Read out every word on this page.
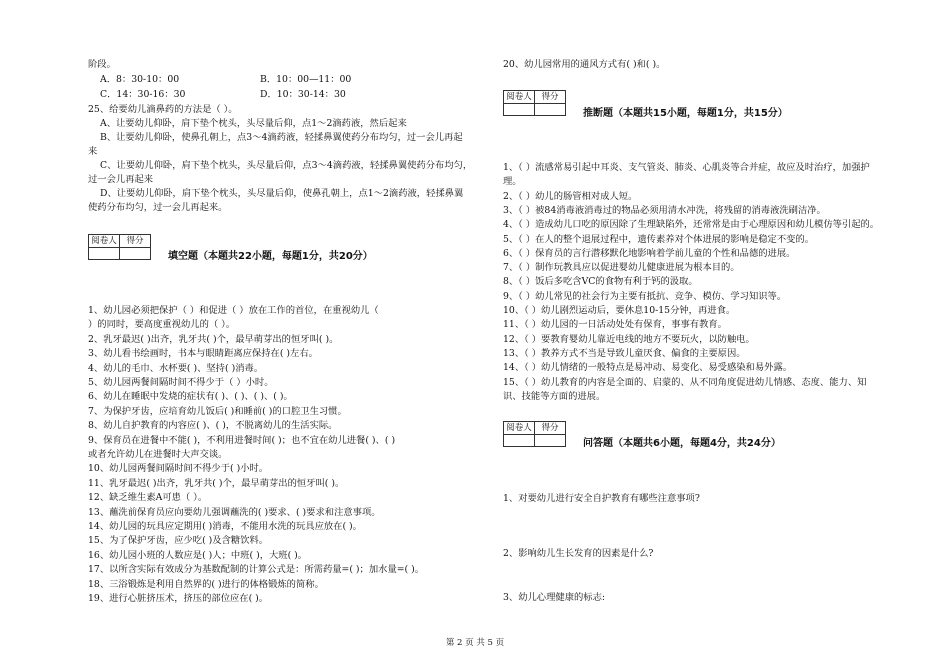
阶段。
A．8：30-10：00	B．10：00—11：00
C．14：30-16：30	D．10：30-14：30
25、给要幼儿滴鼻药的方法是（ ）。
A、让要幼儿仰卧，肩下垫个枕头，头尽量后仰，点1～2滴药液，然后起来
B、让要幼儿仰卧，使鼻孔朝上，点3～4滴药液，轻揉鼻翼使药分布均匀，过一会儿再起
来
C、让要幼儿仰卧，肩下垫个枕头，头尽量后仰，点3～4滴药液，轻揉鼻翼使药分布均匀，
过一会儿再起来
D、让要幼儿仰卧，肩下垫个枕头，头尽量后仰，使鼻孔朝上，点1～2滴药液，轻揉鼻翼
使药分布均匀，过一会儿再起来。
阅卷人	得分

填空题（本题共22小题，每题1分，共20分）
1、幼儿园必须把保护（ ）和促进（ ）放在工作的首位，在重视幼儿（
）的同时，要高度重视幼儿的（ ）。
2、乳牙最迟( )出齐，乳牙共( )个，最早萌芽出的恒牙叫( )。
3、幼儿看书绘画时，书本与眼睛距离应保持在( )左右。
4、幼儿的毛巾、水杯要( )、坚持( )消毒。
5、幼儿园两餐间隔时间不得少于（ ）小时。
6、幼儿在睡眠中发烧的症状有( )、( )、( )、( )。
7、为保护牙齿，应培育幼儿饭后( )和睡前( )的口腔卫生习惯。
8、幼儿自护教育的内容应( )、( )，不脱离幼儿的生活实际。
9、保育员在进餐中不能( )，不利用进餐时间( )；也不宜在幼儿进餐( )、( )
或者允许幼儿在进餐时大声交谈。
10、幼儿园两餐间隔时间不得少于( )小时。
11、乳牙最迟( )出齐，乳牙共( )个，最早萌芽出的恒牙叫( )。
12、缺乏维生素A可患（ ）。
13、蘸洗前保育员应向要幼儿强调蘸洗的( )要求、( )要求和注意事项。
14、幼儿园的玩具应定期用( )消毒，不能用水洗的玩具应放在( )。
15、为了保护牙齿，应少吃( )及含糖饮料。
16、幼儿园小班的人数应是( )人；中班( )，大班( )。
17、以所含实际有效成分为基数配制的计算公式是：所需药量=( )；加水量=( )。
18、三浴锻炼是利用自然界的( )进行的体格锻炼的简称。
19、进行心脏挤压术，挤压的部位应在( )。
20、幼儿园常用的通风方式有( )和( )。
阅卷人	得分

推断题（本题共15小题，每题1分，共15分）
1、（ ）流感常易引起中耳炎、支气管炎、肺炎、心肌炎等合并症，故应及时治疗，加强护
理。
2、（ ）幼儿的肠管相对成人短。
3、（ ）被84消毒液消毒过的物品必须用清水冲洗，将残留的消毒液洗刷洁净。
4、（ ）造成幼儿口吃的原因除了生理缺陷外，还常常是由于心理原因和幼儿模仿等引起的。
5、（ ）在人的整个退展过程中，遗传素养对个体进展的影响是稳定不变的。
6、（ ）保育员的言行潜移默化地影响着学前儿童的个性和品德的进展。
7、（ ）制作玩教具应以促进婴幼儿健康进展为根本目的。
8、（ ）饭后多吃含VC的食物有利于钙的汲取。
9、（ ）幼儿常见的社会行为主要有抵抗、竞争、模仿、学习知识等。
10、（ ）幼儿剧烈运动后，要休息10-15分钟，再进食。
11、（ ）幼儿园的一日活动处处有保育，事事有教育。
12、（ ）要教育婴幼儿靠近电线的地方不要玩火，以防触电。
13、（ ）教养方式不当是导致儿童厌食、偏食的主要原因。
14、（ ）幼儿情绪的一般特点是易冲动、易变化、易受感染和易外露。
15、（ ）幼儿教育的内容是全面的、启蒙的、从不同角度促进幼儿情感、态度、能力、知
识、技能等方面的进展。
阅卷人	得分

问答题（本题共6小题，每题4分，共24分）
1、对要幼儿进行安全自护教育有哪些注意事项?
2、影响幼儿生长发育的因素是什么?
3、幼儿心理健康的标志:
第 2 页 共 5 页
